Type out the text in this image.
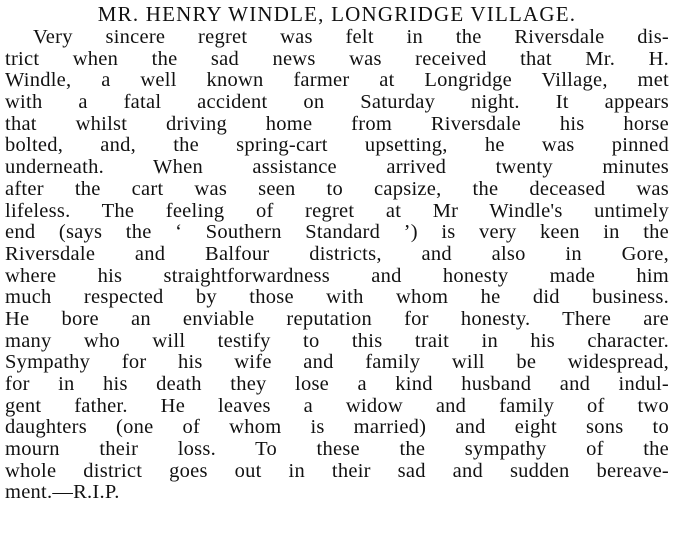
MR. HENRY WINDLE, LONGRIDGE VILLAGE.
Very sincere regret was felt in the Riversdale dis-
trict when the sad news was received that Mr. H.
Windle, a well known farmer at Longridge Village, met
with a fatal accident on Saturday night. It appears
that whilst driving home from Riversdale his horse
bolted, and, the spring-cart upsetting, he was pinned
underneath. When assistance arrived twenty minutes
after the cart was seen to capsize, the deceased was
lifeless. The feeling of regret at Mr Windle's untimely
end (says the ‘ Southern Standard ’) is very keen in the
Riversdale and Balfour districts, and also in Gore,
where his straightforwardness and honesty made him
much respected by those with whom he did business.
He bore an enviable reputation for honesty. There are
many who will testify to this trait in his character.
Sympathy for his wife and family will be widespread,
for in his death they lose a kind husband and indul-
gent father. He leaves a widow and family of two
daughters (one of whom is married) and eight sons to
mourn their loss. To these the sympathy of the
whole district goes out in their sad and sudden bereave-
ment.—R.I.P.
